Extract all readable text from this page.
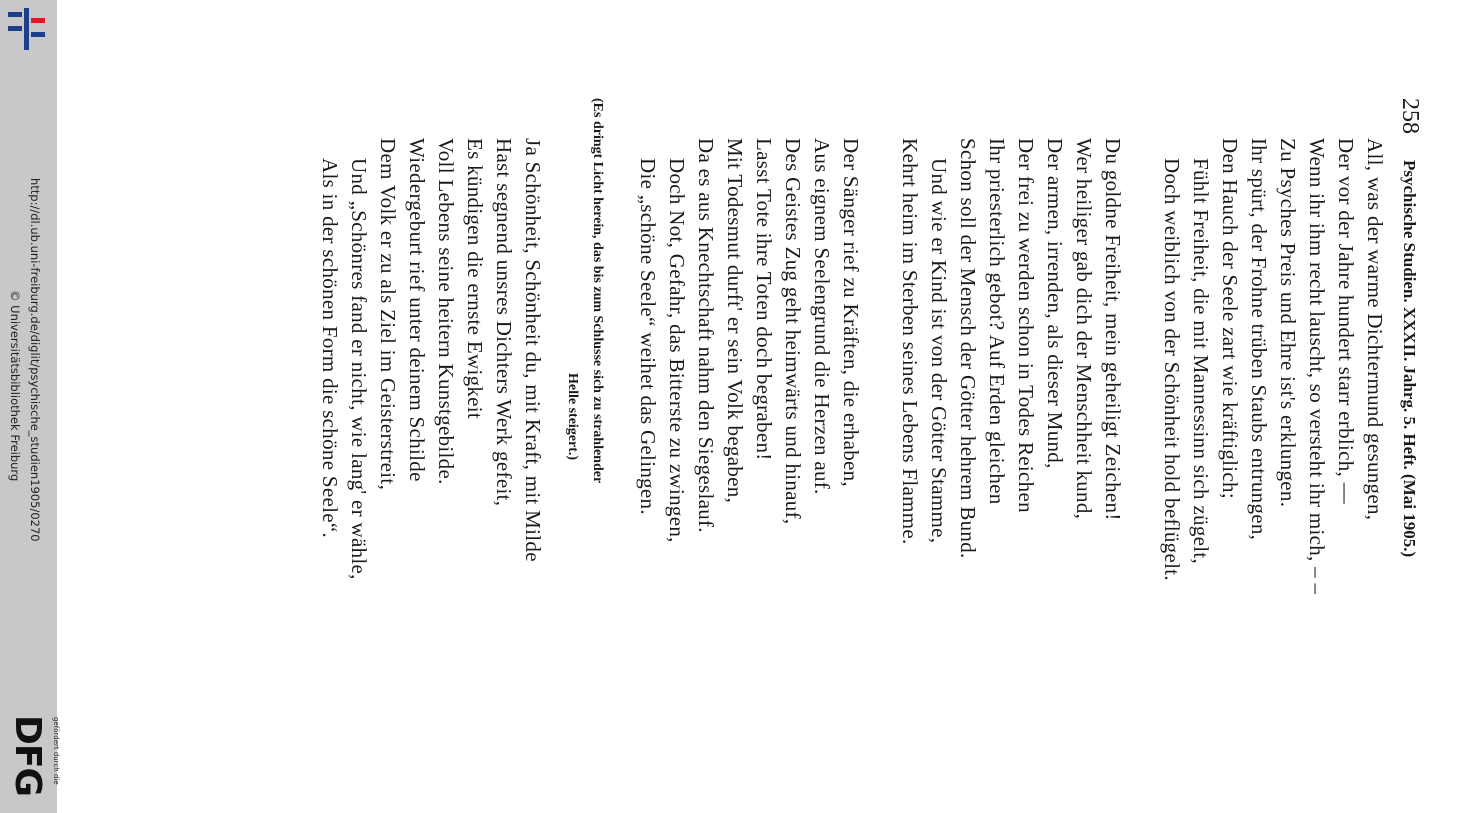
http://dl.ub.uni-freiburg.de/diglit/psychische_studien1905/0270
© Universitätsbibliothek Freiburg
DFG gefördert durch die
258
Psychische Studien. XXXII. Jahrg. 5. Heft. (Mai 1905.)
All, was der warme Dichtermund gesungen,
Der vor der Jahre hundert starr erblich, —
Wenn ihr ihm recht lauscht, so versteht ihr mich, – –
Zu Psyches Preis und Ehre ist's erklungen.
Ihr spürt, der Frohne trüben Staubs entrungen,
Den Hauch der Seele zart wie kräftiglich;
Fühlt Freiheit, die mit Mannessinn sich zügelt,
Doch weiblich von der Schönheit hold beflügelt.
Du goldne Freiheit, mein geheiligt Zeichen!
Wer heiliger gab dich der Menschheit kund,
Der armen, irrenden, als dieser Mund,
Der frei zu werden schon in Todes Reichen
Ihr priesterlich gebot? Auf Erden gleichen
Schon soll der Mensch der Götter hehrem Bund.
Und wie er Kind ist von der Götter Stamme,
Kehrt heim im Sterben seines Lebens Flamme.
Der Sänger rief zu Kräften, die erhaben,
Aus eignem Seelengrund die Herzen auf.
Des Geistes Zug geht heimwärts und hinauf,
Lasst Tote ihre Toten doch begraben!
Mit Todesmut durft' er sein Volk begaben,
Da es aus Knechtschaft nahm den Siegeslauf.
Doch Not, Gefahr, das Bitterste zu zwingen,
Die „schöne Seele“ weihet das Gelingen.
(Es dringt Licht herein, das bis zum Schlusse sich zu strahlender
Helle steigert.)
Ja Schönheit, Schönheit du, mit Kraft, mit Milde
Hast segnend unsres Dichters Werk gefeit,
Es kündigen die ernste Ewigkeit
Voll Lebens seine heitern Kunstgebilde.
Wiedergeburt rief unter deinem Schilde
Dem Volk er zu als Ziel im Geisterstreit,
Und „Schönres fand er nicht, wie lang' er wähle,
Als in der schönen Form die schöne Seele“.
